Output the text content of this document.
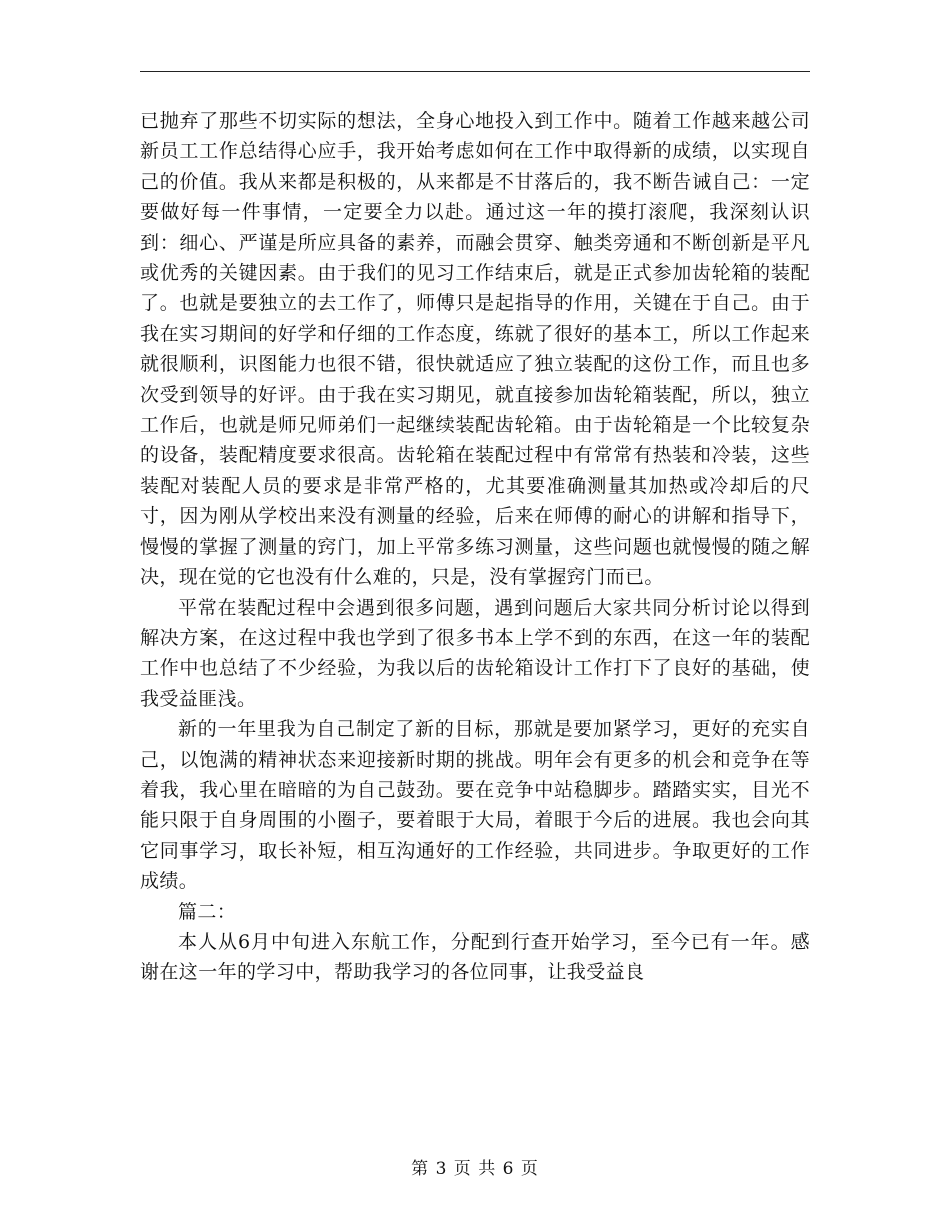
已抛弃了那些不切实际的想法，全身心地投入到工作中。随着工作越来越公司新员工工作总结得心应手，我开始考虑如何在工作中取得新的成绩，以实现自己的价值。我从来都是积极的，从来都是不甘落后的，我不断告诫自己：一定要做好每一件事情，一定要全力以赴。通过这一年的摸打滚爬，我深刻认识到：细心、严谨是所应具备的素养，而融会贯穿、触类旁通和不断创新是平凡或优秀的关键因素。由于我们的见习工作结束后，就是正式参加齿轮箱的装配了。也就是要独立的去工作了，师傅只是起指导的作用，关键在于自己。由于我在实习期间的好学和仔细的工作态度，练就了很好的基本工，所以工作起来就很顺利，识图能力也很不错，很快就适应了独立装配的这份工作，而且也多次受到领导的好评。由于我在实习期见，就直接参加齿轮箱装配，所以，独立工作后，也就是师兄师弟们一起继续装配齿轮箱。由于齿轮箱是一个比较复杂的设备，装配精度要求很高。齿轮箱在装配过程中有常常有热装和冷装，这些装配对装配人员的要求是非常严格的，尤其要准确测量其加热或冷却后的尺寸，因为刚从学校出来没有测量的经验，后来在师傅的耐心的讲解和指导下，慢慢的掌握了测量的窍门，加上平常多练习测量，这些问题也就慢慢的随之解决，现在觉的它也没有什么难的，只是，没有掌握窍门而已。

平常在装配过程中会遇到很多问题，遇到问题后大家共同分析讨论以得到解决方案，在这过程中我也学到了很多书本上学不到的东西，在这一年的装配工作中也总结了不少经验，为我以后的齿轮箱设计工作打下了良好的基础，使我受益匪浅。

新的一年里我为自己制定了新的目标，那就是要加紧学习，更好的充实自己，以饱满的精神状态来迎接新时期的挑战。明年会有更多的机会和竞争在等着我，我心里在暗暗的为自己鼓劲。要在竞争中站稳脚步。踏踏实实，目光不能只限于自身周围的小圈子，要着眼于大局，着眼于今后的进展。我也会向其它同事学习，取长补短，相互沟通好的工作经验，共同进步。争取更好的工作成绩。

篇二：

本人从6月中旬进入东航工作，分配到行查开始学习，至今已有一年。感谢在这一年的学习中，帮助我学习的各位同事，让我受益良

第 3 页 共 6 页
